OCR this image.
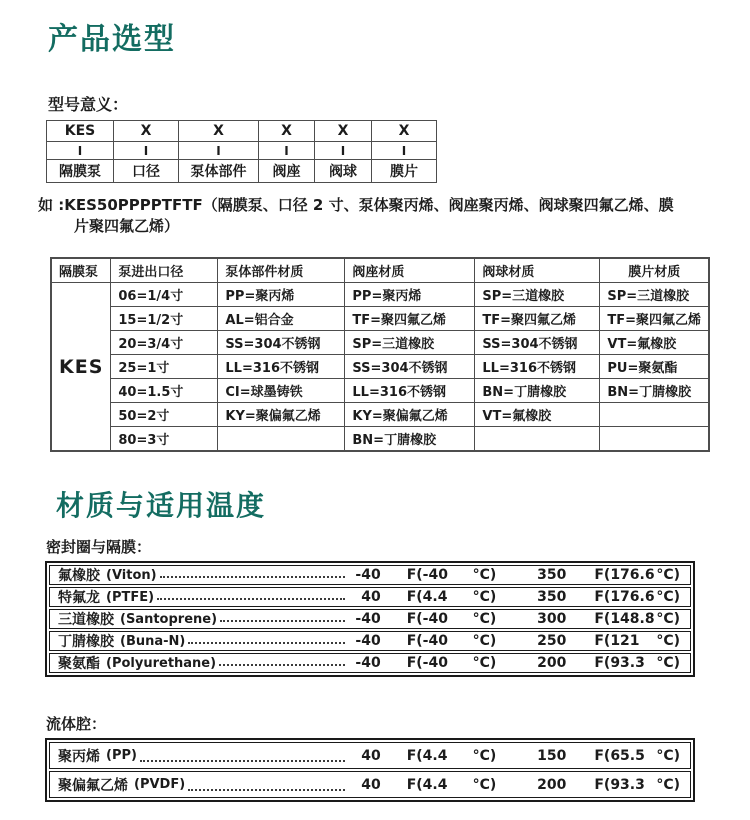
产品选型
型号意义：
KES	X	X	X	X	X
I	I	I	I	I	I
隔膜泵	口径	泵体部件	阀座	阀球	膜片
如 :KES50PPPPTFTF（隔膜泵、口径 2 寸、泵体聚丙烯、阀座聚丙烯、阀球聚四氟乙烯、膜
片聚四氟乙烯）
隔膜泵	泵进出口径	泵体部件材质	阀座材质	阀球材质	膜片材质
KES	06=1/4寸	PP=聚丙烯	PP=聚丙烯	SP=三道橡胶	SP=三道橡胶
	15=1/2寸	AL=铝合金	TF=聚四氟乙烯	TF=聚四氟乙烯	TF=聚四氟乙烯
	20=3/4寸	SS=304不锈钢	SP=三道橡胶	SS=304不锈钢	VT=氟橡胶
	25=1寸	LL=316不锈钢	SS=304不锈钢	LL=316不锈钢	PU=聚氨酯
	40=1.5寸	CI=球墨铸铁	LL=316不锈钢	BN=丁腈橡胶	BN=丁腈橡胶
	50=2寸	KY=聚偏氟乙烯	KY=聚偏氟乙烯	VT=氟橡胶	
	80=3寸		BN=丁腈橡胶		
材质与适用温度
密封圈与隔膜：
氟橡胶 (Viton)	-40 F( -40	°C)	350 F( 176.6 °C)
特氟龙 (PTFE)	40 F( 4.4	°C)	350 F( 176.6 °C)
三道橡胶 (Santoprene)	-40 F( -40	°C)	300 F( 148.8 °C)
丁腈橡胶 (Buna-N)	-40 F( -40	°C)	250 F( 121	°C)
聚氨酯 (Polyurethane)	-40 F( -40	°C)	200 F( 93.3 °C)
流体腔：
聚丙烯 (PP)	40 F( 4.4	°C)	150 F( 65.5 °C)
聚偏氟乙烯 (PVDF)	40 F( 4.4	°C)	200 F( 93.3 °C)
